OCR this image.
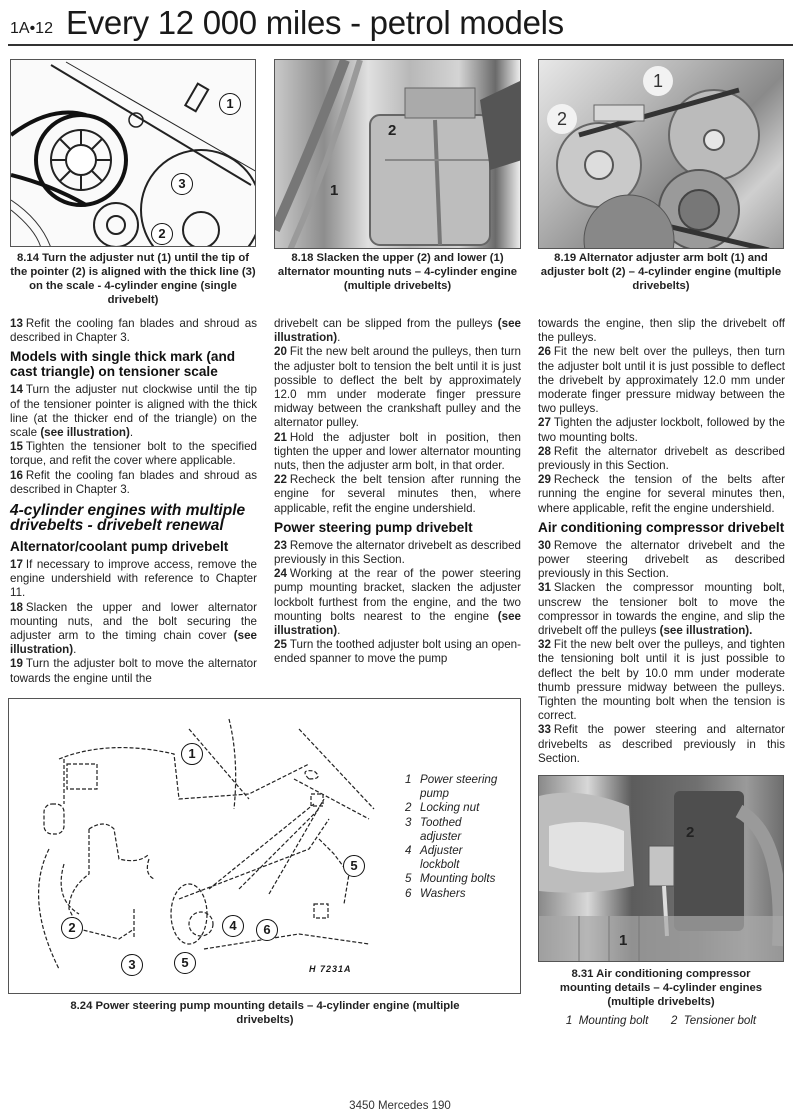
1A•12 Every 12 000 miles - petrol models
1
3
2
8.14 Turn the adjuster nut (1) until the tip of the pointer (2) is aligned with the thick line (3) on the scale - 4-cylinder engine (single drivebelt)
2
1
8.18 Slacken the upper (2) and lower (1) alternator mounting nuts – 4-cylinder engine (multiple drivebelts)
1
2
8.19 Alternator adjuster arm bolt (1) and adjuster bolt (2) – 4-cylinder engine (multiple drivebelts)

13 Refit the cooling fan blades and shroud as described in Chapter 3.

Models with single thick mark (and cast triangle) on tensioner scale

14 Turn the adjuster nut clockwise until the tip of the tensioner pointer is aligned with the thick line (at the thicker end of the triangle) on the scale (see illustration).

15 Tighten the tensioner bolt to the specified torque, and refit the cover where applicable.

16 Refit the cooling fan blades and shroud as described in Chapter 3.

4-cylinder engines with multiple drivebelts - drivebelt renewal
Alternator/coolant pump drivebelt

17 If necessary to improve access, remove the engine undershield with reference to Chapter 11.

18 Slacken the upper and lower alternator mounting nuts, and the bolt securing the adjuster arm to the timing chain cover (see illustration).

19 Turn the adjuster bolt to move the alternator towards the engine until the

drivebelt can be slipped from the pulleys (see illustration).

20 Fit the new belt around the pulleys, then turn the adjuster bolt to tension the belt until it is just possible to deflect the belt by approximately 12.0 mm under moderate finger pressure midway between the crankshaft pulley and the alternator pulley.

21 Hold the adjuster bolt in position, then tighten the upper and lower alternator mounting nuts, then the adjuster arm bolt, in that order.

22 Recheck the belt tension after running the engine for several minutes then, where applicable, refit the engine undershield.

Power steering pump drivebelt

23 Remove the alternator drivebelt as described previously in this Section.

24 Working at the rear of the power steering pump mounting bracket, slacken the adjuster lockbolt furthest from the engine, and the two mounting bolts nearest to the engine (see illustration).

25 Turn the toothed adjuster bolt using an open-ended spanner to move the pump

towards the engine, then slip the drivebelt off the pulleys.

26 Fit the new belt over the pulleys, then turn the adjuster bolt until it is just possible to deflect the drivebelt by approximately 12.0 mm under moderate finger pressure midway between the two pulleys.

27 Tighten the adjuster lockbolt, followed by the two mounting bolts.

28 Refit the alternator drivebelt as described previously in this Section.

29 Recheck the tension of the belts after running the engine for several minutes then, where applicable, refit the engine undershield.

Air conditioning compressor drivebelt

30 Remove the alternator drivebelt and the power steering drivebelt as described previously in this Section.

31 Slacken the compressor mounting bolt, unscrew the tensioner bolt to move the compressor in towards the engine, and slip the drivebelt off the pulleys (see illustration).

32 Fit the new belt over the pulleys, and tighten the tensioning bolt until it is just possible to deflect the belt by 10.0 mm under moderate thumb pressure midway between the pulleys. Tighten the mounting bolt when the tension is correct.

33 Refit the power steering and alternator drivebelts as described previously in this Section.

1
2
3
4
5
5
6
H 7231A
1 Power steering pump
2 Locking nut
3 Toothed adjuster
4 Adjuster lockbolt
5 Mounting bolts
6 Washers
8.24 Power steering pump mounting details – 4-cylinder engine (multiple drivebelts)
2
1
8.31 Air conditioning compressor mounting details – 4-cylinder engines (multiple drivebelts)
1 Mounting bolt 2 Tensioner bolt
3450 Mercedes 190
